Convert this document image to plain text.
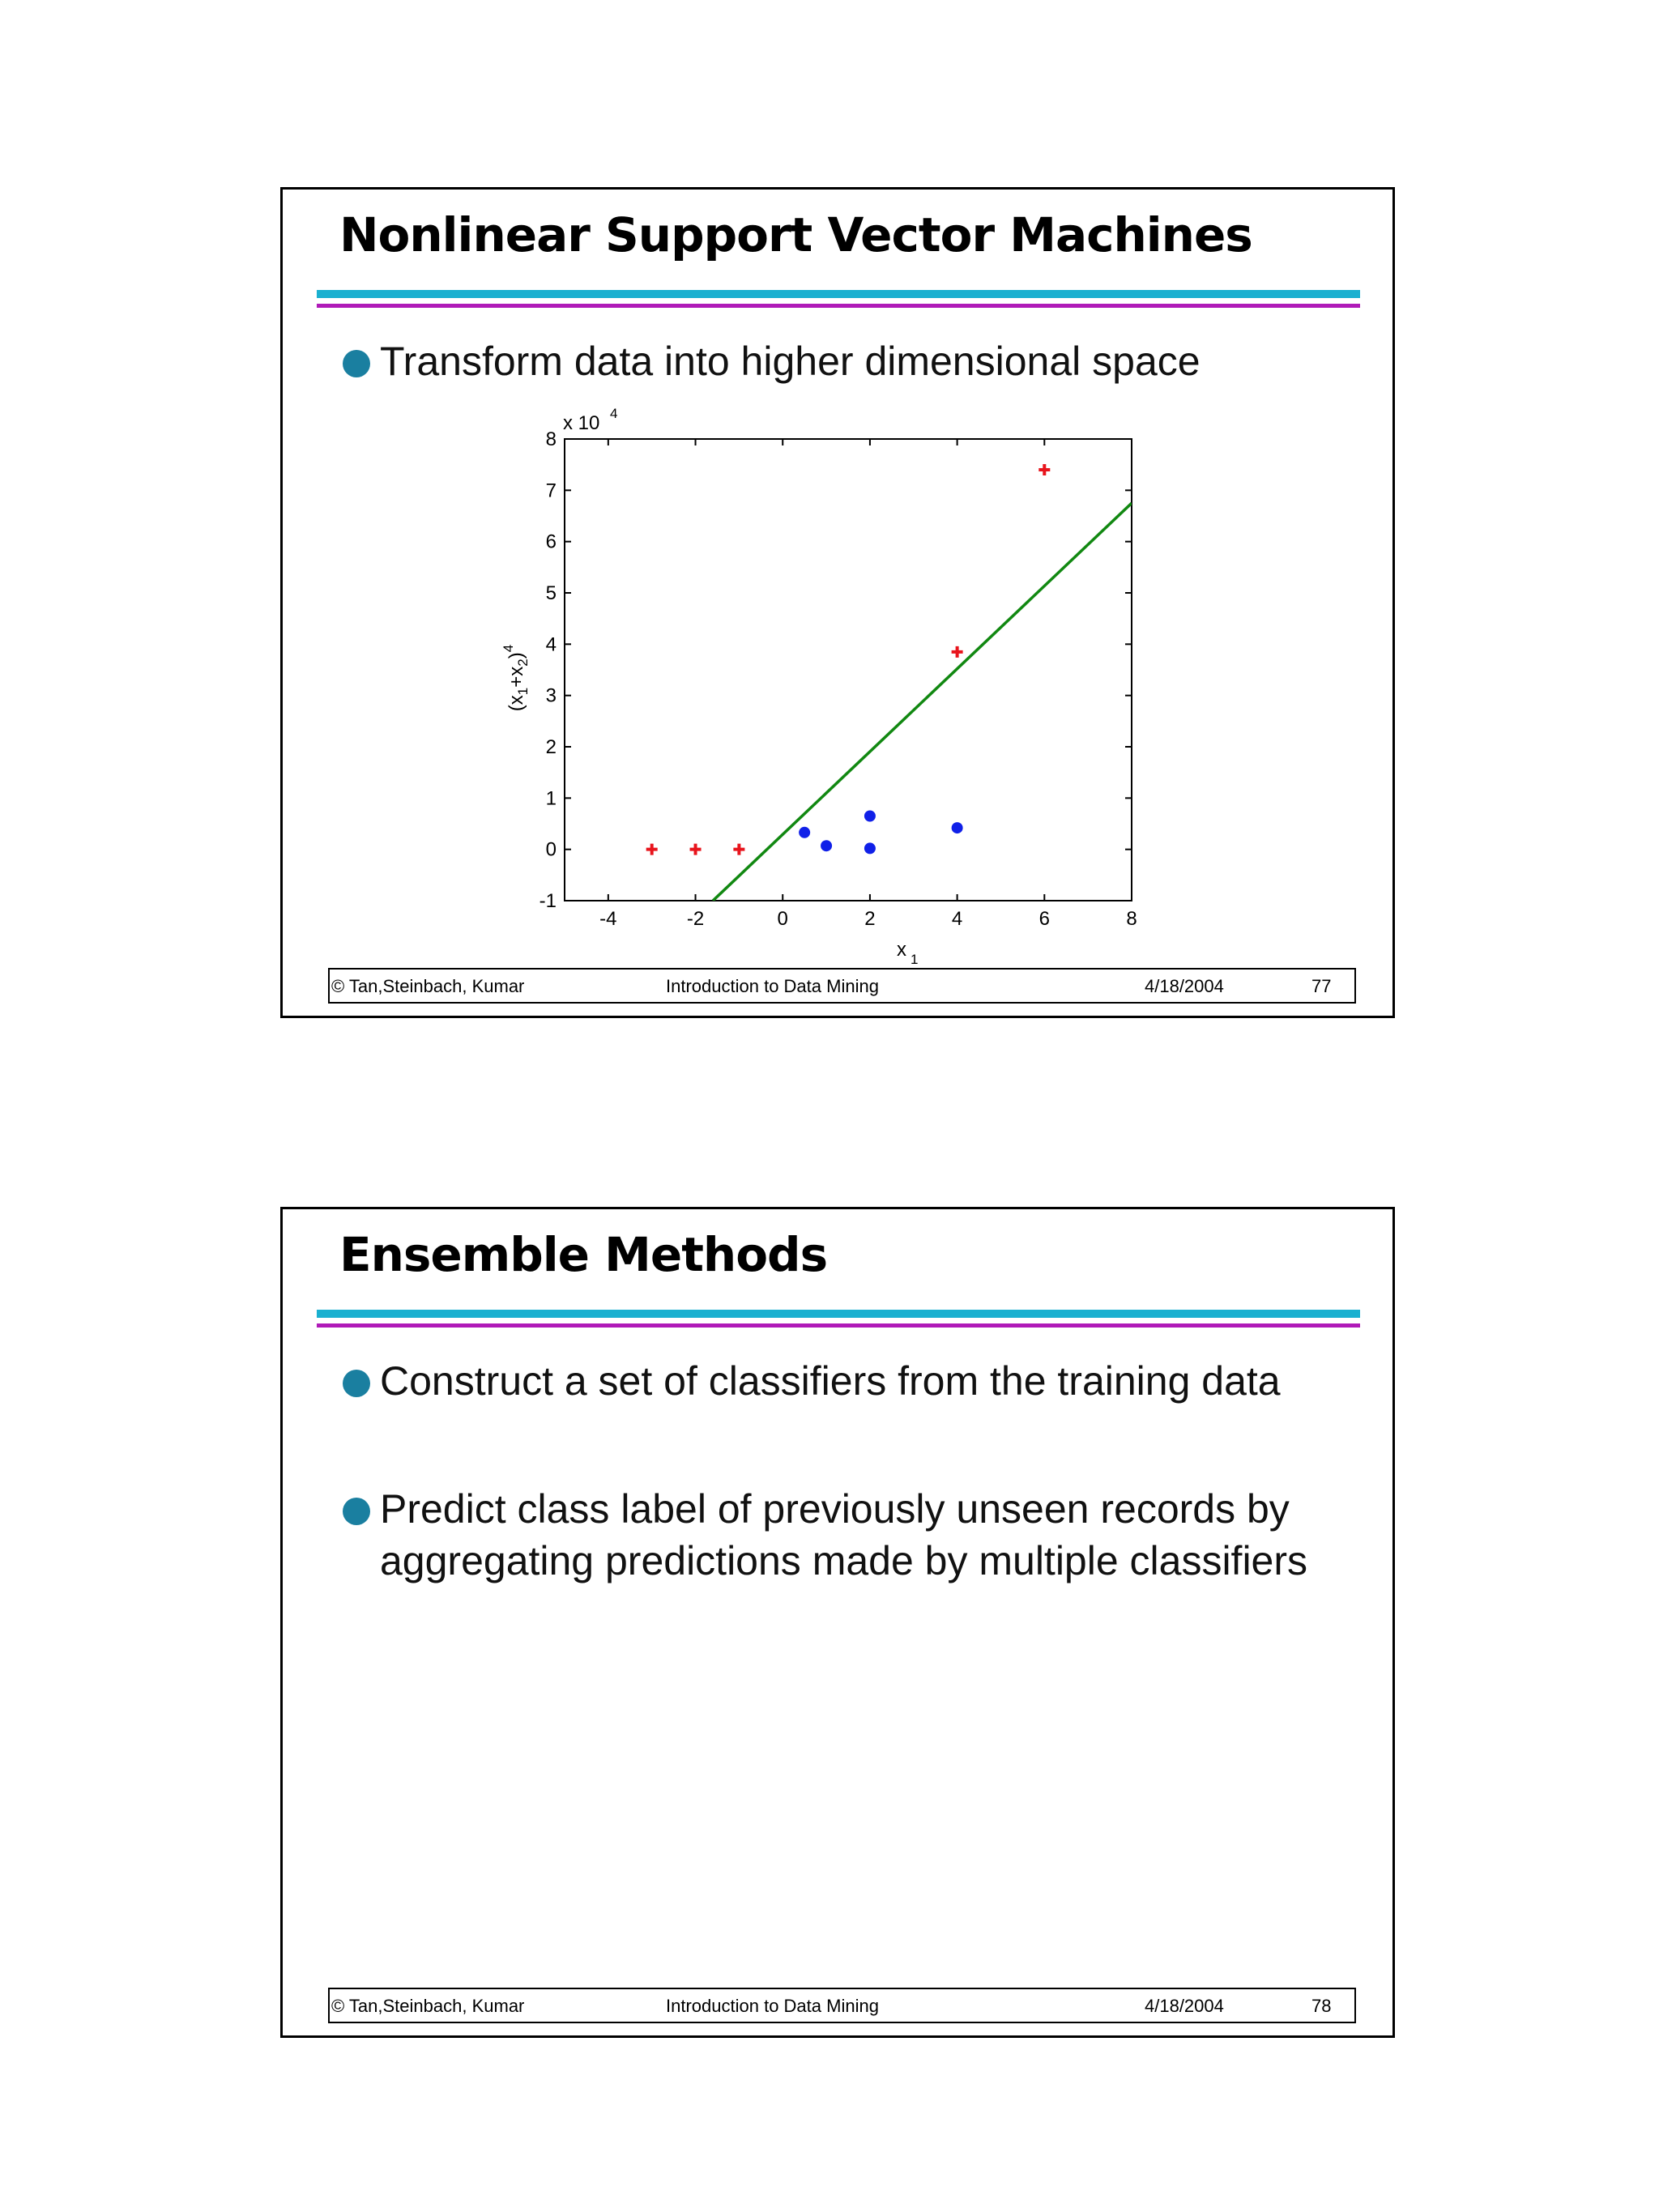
Nonlinear Support Vector Machines
Transform data into higher dimensional space
-4	-2	0	2	4	6	8
-1
0
1
2
3
4
5
6
7
8
x 10 4
x 1
$(x_1+x_2)^4$
© Tan,Steinbach, Kumar	Introduction to Data Mining	4/18/2004	77
Ensemble Methods
Construct a set of classifiers from the training data
Predict class label of previously unseen records by aggregating predictions made by multiple classifiers
© Tan,Steinbach, Kumar	Introduction to Data Mining	4/18/2004	78
